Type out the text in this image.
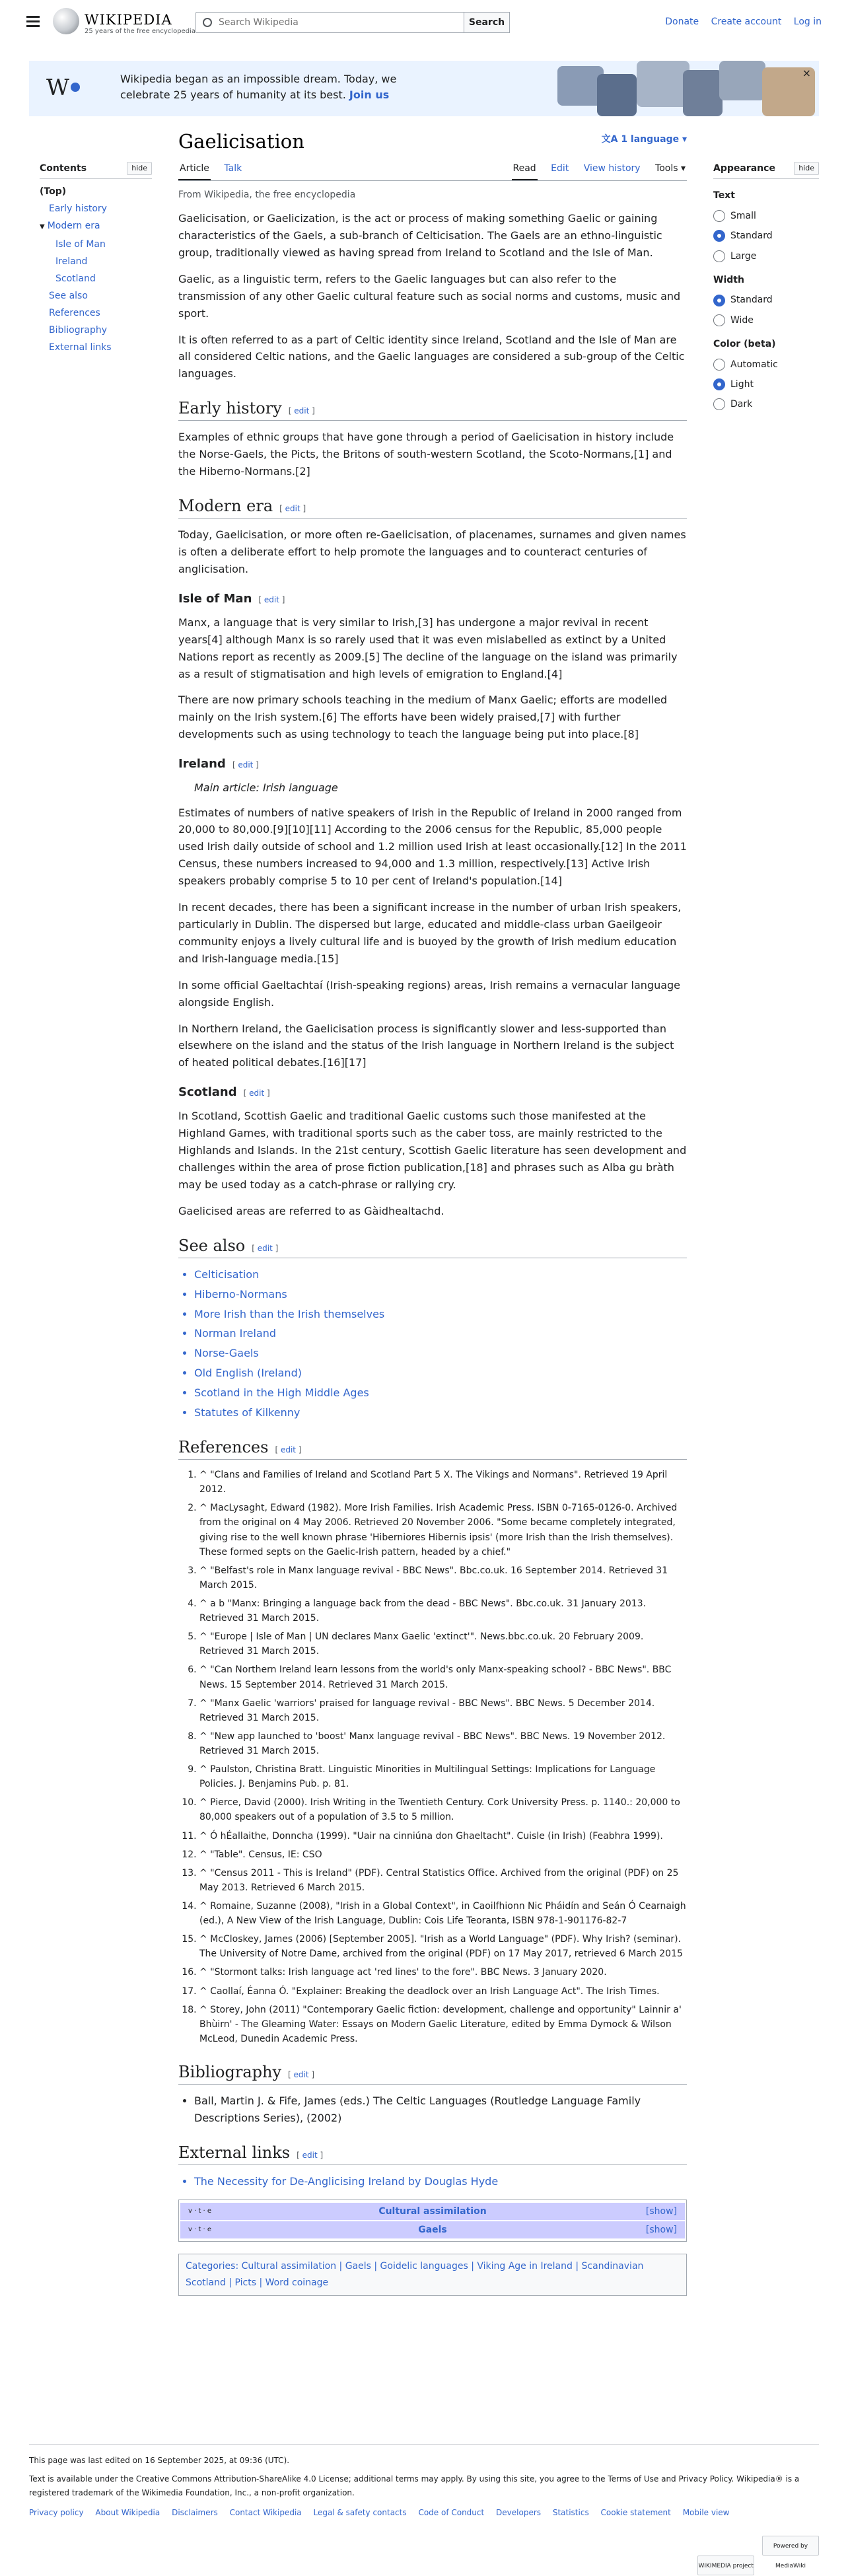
WIKIPEDIA
25 years of the free encyclopedia
Search Wikipedia
Search	Donate Create account Log in
W	Wikipedia began as an impossible dream. Today, we
celebrate 25 years of humanity at its best. Join us
×
Contents	hide
(Top)
Early history
▼ Modern era
Isle of Man
Ireland
Scotland
See also
References
Bibliography
External links
Gaelicisation	文A 1 language ▾
Article Talk	Read Edit View history Tools ▾
From Wikipedia, the free encyclopedia

Gaelicisation, or Gaelicization, is the act or process of making something Gaelic or gaining characteristics of the Gaels, a sub-branch of Celticisation. The Gaels are an ethno-linguistic group, traditionally viewed as having spread from Ireland to Scotland and the Isle of Man.

Gaelic, as a linguistic term, refers to the Gaelic languages but can also refer to the transmission of any other Gaelic cultural feature such as social norms and customs, music and sport.

It is often referred to as a part of Celtic identity since Ireland, Scotland and the Isle of Man are all considered Celtic nations, and the Gaelic languages are considered a sub-group of the Celtic languages.

Early history [ edit ]

Examples of ethnic groups that have gone through a period of Gaelicisation in history include the Norse-Gaels, the Picts, the Britons of south-western Scotland, the Scoto-Normans,[1] and the Hiberno-Normans.[2]

Modern era [ edit ]

Today, Gaelicisation, or more often re-Gaelicisation, of placenames, surnames and given names is often a deliberate effort to help promote the languages and to counteract centuries of anglicisation.

Isle of Man [ edit ]

Manx, a language that is very similar to Irish,[3] has undergone a major revival in recent years[4] although Manx is so rarely used that it was even mislabelled as extinct by a United Nations report as recently as 2009.[5] The decline of the language on the island was primarily as a result of stigmatisation and high levels of emigration to England.[4]

There are now primary schools teaching in the medium of Manx Gaelic; efforts are modelled mainly on the Irish system.[6] The efforts have been widely praised,[7] with further developments such as using technology to teach the language being put into place.[8]

Ireland [ edit ]
Main article: Irish language

Estimates of numbers of native speakers of Irish in the Republic of Ireland in 2000 ranged from 20,000 to 80,000.[9][10][11] According to the 2006 census for the Republic, 85,000 people used Irish daily outside of school and 1.2 million used Irish at least occasionally.[12] In the 2011 Census, these numbers increased to 94,000 and 1.3 million, respectively.[13] Active Irish speakers probably comprise 5 to 10 per cent of Ireland's population.[14]

In recent decades, there has been a significant increase in the number of urban Irish speakers, particularly in Dublin. The dispersed but large, educated and middle-class urban Gaeilgeoir community enjoys a lively cultural life and is buoyed by the growth of Irish medium education and Irish-language media.[15]

In some official Gaeltachtaí (Irish-speaking regions) areas, Irish remains a vernacular language alongside English.

In Northern Ireland, the Gaelicisation process is significantly slower and less-supported than elsewhere on the island and the status of the Irish language in Northern Ireland is the subject of heated political debates.[16][17]

Scotland [ edit ]

In Scotland, Scottish Gaelic and traditional Gaelic customs such those manifested at the Highland Games, with traditional sports such as the caber toss, are mainly restricted to the Highlands and Islands. In the 21st century, Scottish Gaelic literature has seen development and challenges within the area of prose fiction publication,[18] and phrases such as Alba gu bràth may be used today as a catch-phrase or rallying cry.

Gaelicised areas are referred to as Gàidhealtachd.

See also [ edit ]
• Celticisation
• Hiberno-Normans
• More Irish than the Irish themselves
• Norman Ireland
• Norse-Gaels
• Old English (Ireland)
• Scotland in the High Middle Ages
• Statutes of Kilkenny
References [ edit ]
1. ^ "Clans and Families of Ireland and Scotland Part 5 X. The Vikings and Normans". Retrieved 19 April 2012.
2. ^ MacLysaght, Edward (1982). More Irish Families. Irish Academic Press. ISBN 0-7165-0126-0. Archived from the original on 4 May 2006. Retrieved 20 November 2006. "Some became completely integrated, giving rise to the well known phrase 'Hiberniores Hibernis ipsis' (more Irish than the Irish themselves). These formed septs on the Gaelic-Irish pattern, headed by a chief."
3. ^ "Belfast's role in Manx language revival - BBC News". Bbc.co.uk. 16 September 2014. Retrieved 31 March 2015.
4. ^ a b "Manx: Bringing a language back from the dead - BBC News". Bbc.co.uk. 31 January 2013. Retrieved 31 March 2015.
5. ^ "Europe | Isle of Man | UN declares Manx Gaelic 'extinct'". News.bbc.co.uk. 20 February 2009. Retrieved 31 March 2015.
6. ^ "Can Northern Ireland learn lessons from the world's only Manx-speaking school? - BBC News". BBC News. 15 September 2014. Retrieved 31 March 2015.
7. ^ "Manx Gaelic 'warriors' praised for language revival - BBC News". BBC News. 5 December 2014. Retrieved 31 March 2015.
8. ^ "New app launched to 'boost' Manx language revival - BBC News". BBC News. 19 November 2012. Retrieved 31 March 2015.
9. ^ Paulston, Christina Bratt. Linguistic Minorities in Multilingual Settings: Implications for Language Policies. J. Benjamins Pub. p. 81.
10. ^ Pierce, David (2000). Irish Writing in the Twentieth Century. Cork University Press. p. 1140.: 20,000 to 80,000 speakers out of a population of 3.5 to 5 million.
11. ^ Ó hÉallaithe, Donncha (1999). "Uair na cinniúna don Ghaeltacht". Cuisle (in Irish) (Feabhra 1999).
12. ^ "Table". Census, IE: CSO
13. ^ "Census 2011 - This is Ireland" (PDF). Central Statistics Office. Archived from the original (PDF) on 25 May 2013. Retrieved 6 March 2015.
14. ^ Romaine, Suzanne (2008), "Irish in a Global Context", in Caoilfhionn Nic Pháidín and Seán Ó Cearnaigh (ed.), A New View of the Irish Language, Dublin: Cois Life Teoranta, ISBN 978-1-901176-82-7
15. ^ McCloskey, James (2006) [September 2005]. "Irish as a World Language" (PDF). Why Irish? (seminar). The University of Notre Dame, archived from the original (PDF) on 17 May 2017, retrieved 6 March 2015
16. ^ "Stormont talks: Irish language act 'red lines' to the fore". BBC News. 3 January 2020.
17. ^ Caollaí, Éanna Ó. "Explainer: Breaking the deadlock over an Irish Language Act". The Irish Times.
18. ^ Storey, John (2011) "Contemporary Gaelic fiction: development, challenge and opportunity" Lainnir a' Bhùirn' - The Gleaming Water: Essays on Modern Gaelic Literature, edited by Emma Dymock & Wilson McLeod, Dunedin Academic Press.
Bibliography [ edit ]
• Ball, Martin J. & Fife, James (eds.) The Celtic Languages (Routledge Language Family Descriptions Series), (2002)
External links [ edit ]
• The Necessity for De-Anglicising Ireland by Douglas Hyde
v · t · e	Cultural assimilation	[show]
v · t · e	Gaels	[show]
Categories: Cultural assimilation | Gaels | Goidelic languages | Viking Age in Ireland | Scandinavian Scotland | Picts | Word coinage
Appearance	hide
Text
Small
Standard
Large
Width
Standard
Wide
Color (beta)
Automatic
Light
Dark
This page was last edited on 16 September 2025, at 09:36 (UTC).
Text is available under the Creative Commons Attribution-ShareAlike 4.0 License; additional terms may apply. By using this site, you agree to the Terms of Use and Privacy Policy. Wikipedia® is a registered trademark of the Wikimedia Foundation, Inc., a non-profit organization.
Privacy policy About Wikipedia Disclaimers Contact Wikipedia Legal & safety contacts Code of Conduct Developers Statistics Cookie statement Mobile view
WIKIMEDIA project Powered by MediaWiki
